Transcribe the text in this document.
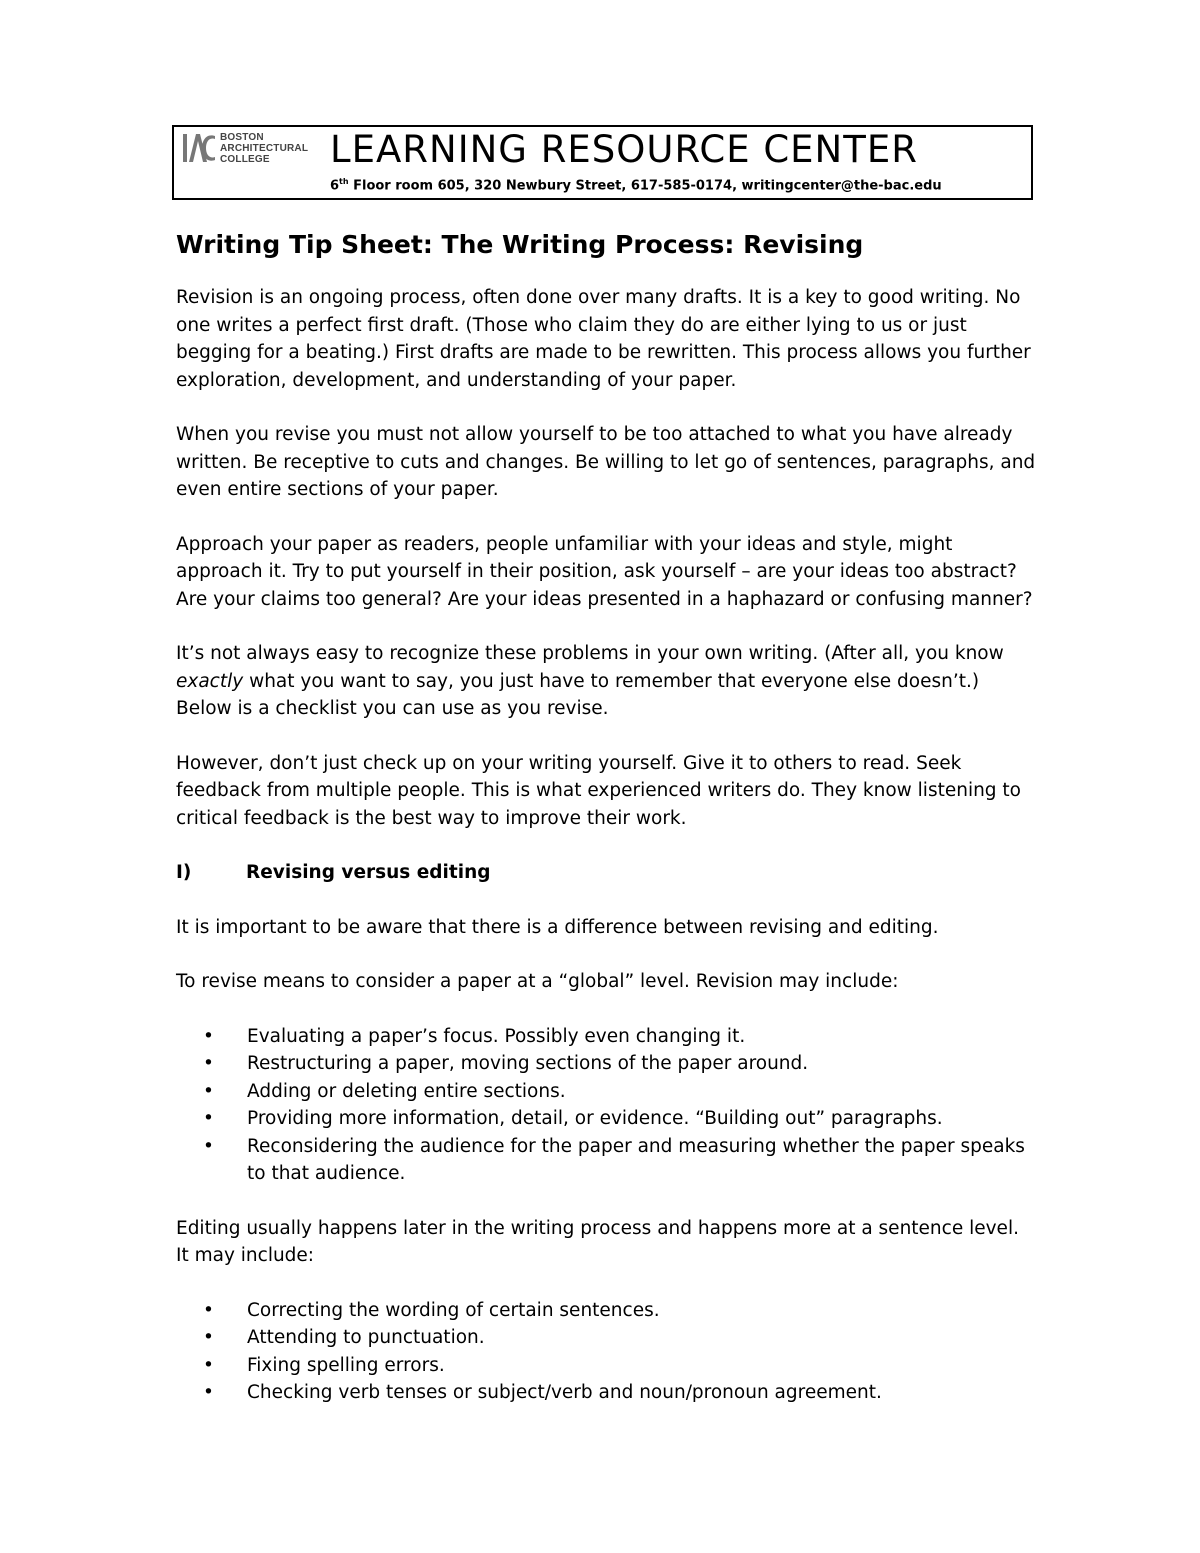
BOSTON
ARCHITECTURAL
COLLEGE	LEARNING RESOURCE CENTER
6th Floor room 605, 320 Newbury Street, 617-585-0174, writingcenter@the-bac.edu
Writing Tip Sheet: The Writing Process: Revising

Revision is an ongoing process, often done over many drafts. It is a key to good writing. No one writes a perfect first draft. (Those who claim they do are either lying to us or just begging for a beating.) First drafts are made to be rewritten. This process allows you further exploration, development, and understanding of your paper.

When you revise you must not allow yourself to be too attached to what you have already written. Be receptive to cuts and changes. Be willing to let go of sentences, paragraphs, and even entire sections of your paper.

Approach your paper as readers, people unfamiliar with your ideas and style, might approach it. Try to put yourself in their position, ask yourself – are your ideas too abstract? Are your claims too general? Are your ideas presented in a haphazard or confusing manner?

It’s not always easy to recognize these problems in your own writing. (After all, you know exactly what you want to say, you just have to remember that everyone else doesn’t.) Below is a checklist you can use as you revise.

However, don’t just check up on your writing yourself. Give it to others to read. Seek feedback from multiple people. This is what experienced writers do. They know listening to critical feedback is the best way to improve their work.

I)	Revising versus editing

It is important to be aware that there is a difference between revising and editing.

To revise means to consider a paper at a “global” level. Revision may include:

• Evaluating a paper’s focus. Possibly even changing it.
• Restructuring a paper, moving sections of the paper around.
• Adding or deleting entire sections.
• Providing more information, detail, or evidence. “Building out” paragraphs.
• Reconsidering the audience for the paper and measuring whether the paper speaks to that audience.

Editing usually happens later in the writing process and happens more at a sentence level. It may include:

• Correcting the wording of certain sentences.
• Attending to punctuation.
• Fixing spelling errors.
• Checking verb tenses or subject/verb and noun/pronoun agreement.
